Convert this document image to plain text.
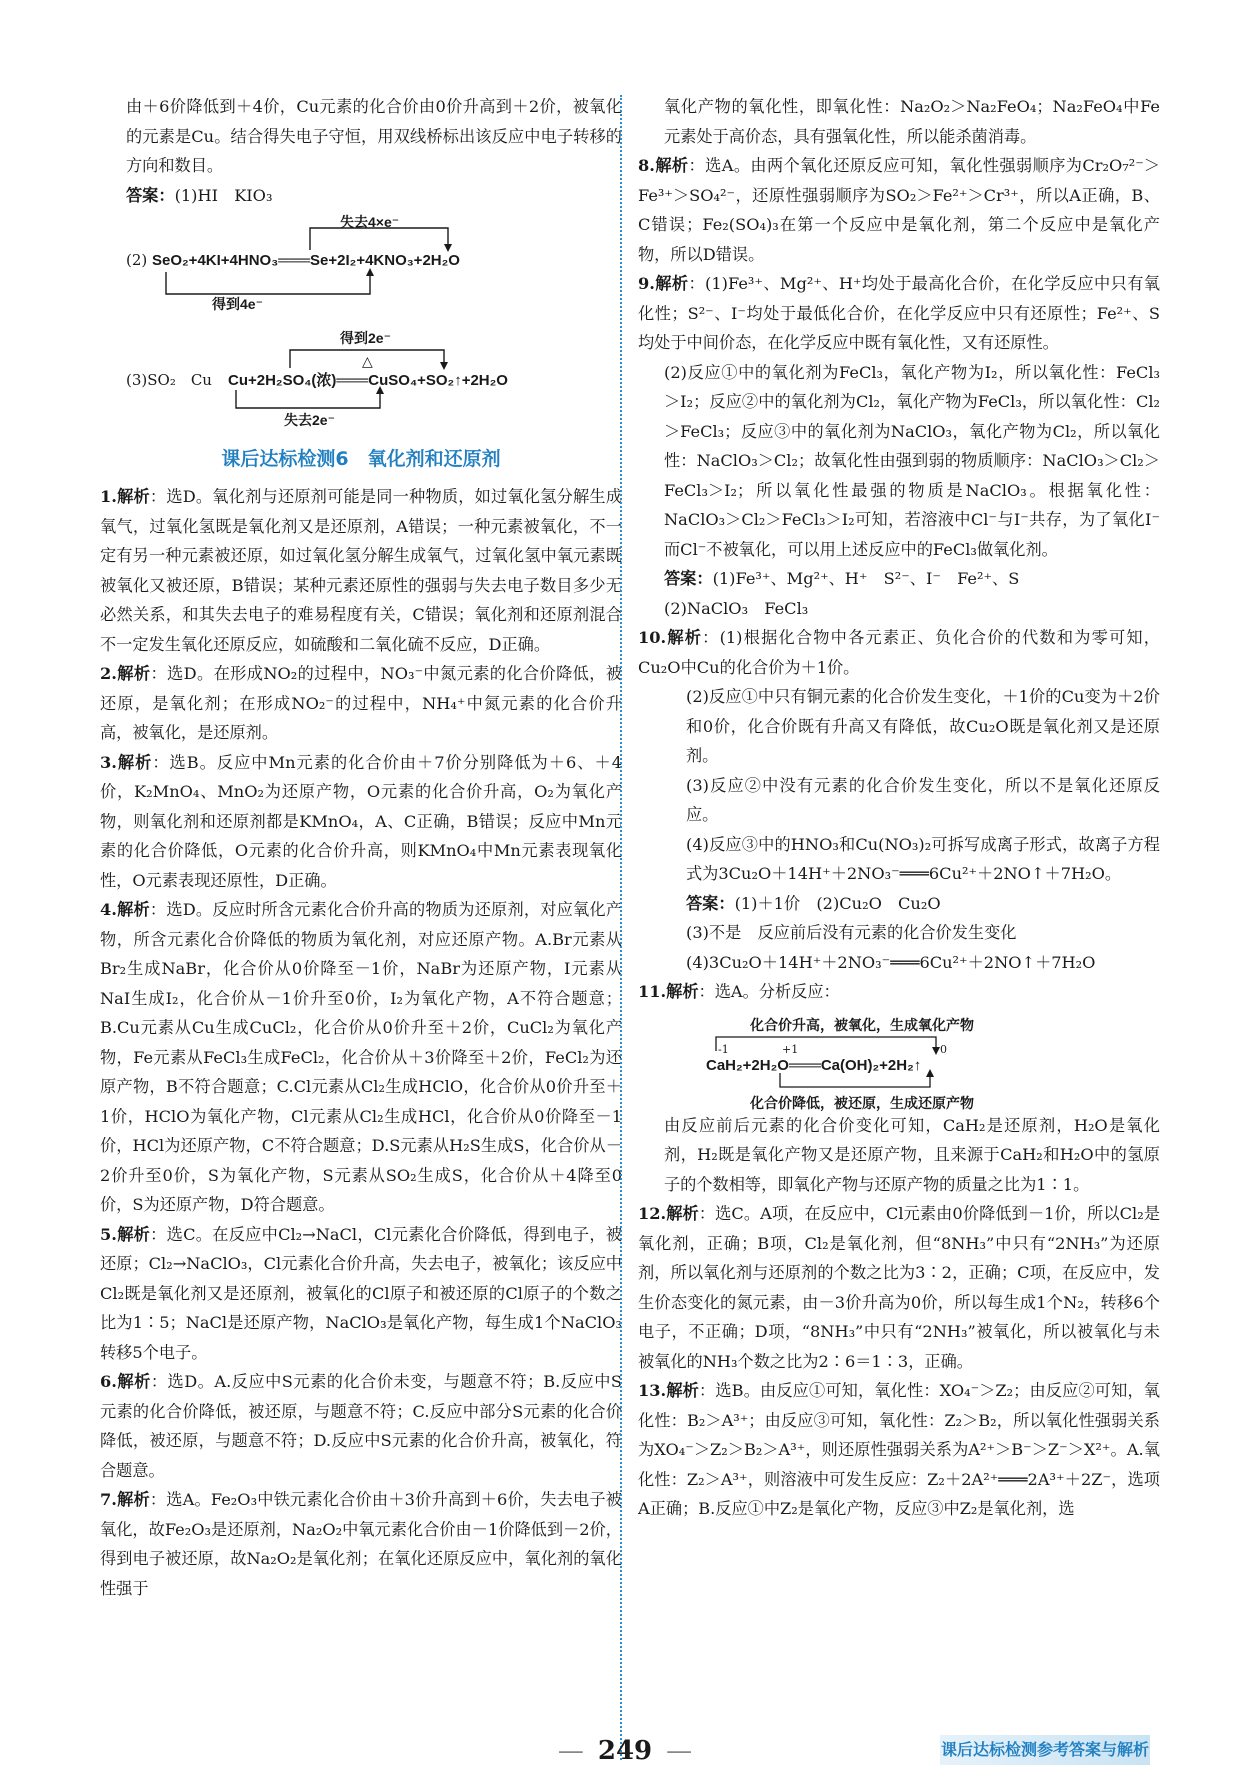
由＋6价降低到＋4价，Cu元素的化合价由0价升高到＋2价，被氧化的元素是Cu。结合得失电子守恒，用双线桥标出该反应中电子转移的方向和数目。

答案：(1)HI　KIO₃

失去4×e⁻
(2) SeO₂+4KI+4HNO₃═══Se+2I₂+4KNO₃+2H₂O
得到4e⁻
得到2e⁻
(3)SO₂　Cu
△
Cu+2H₂SO₄(浓)═══CuSO₄+SO₂↑+2H₂O
失去2e⁻
课后达标检测6　氧化剂和还原剂

1.解析：选D。氧化剂与还原剂可能是同一种物质，如过氧化氢分解生成氧气，过氧化氢既是氧化剂又是还原剂，A错误；一种元素被氧化，不一定有另一种元素被还原，如过氧化氢分解生成氧气，过氧化氢中氧元素既被氧化又被还原，B错误；某种元素还原性的强弱与失去电子数目多少无必然关系，和其失去电子的难易程度有关，C错误；氧化剂和还原剂混合不一定发生氧化还原反应，如硫酸和二氧化硫不反应，D正确。

2.解析：选D。在形成NO₂的过程中，NO₃⁻中氮元素的化合价降低，被还原，是氧化剂；在形成NO₂⁻的过程中，NH₄⁺中氮元素的化合价升高，被氧化，是还原剂。

3.解析：选B。反应中Mn元素的化合价由＋7价分别降低为＋6、＋4价，K₂MnO₄、MnO₂为还原产物，O元素的化合价升高，O₂为氧化产物，则氧化剂和还原剂都是KMnO₄，A、C正确，B错误；反应中Mn元素的化合价降低，O元素的化合价升高，则KMnO₄中Mn元素表现氧化性，O元素表现还原性，D正确。

4.解析：选D。反应时所含元素化合价升高的物质为还原剂，对应氧化产物，所含元素化合价降低的物质为氧化剂，对应还原产物。A.Br元素从Br₂生成NaBr，化合价从0价降至－1价，NaBr为还原产物，I元素从NaI生成I₂，化合价从－1价升至0价，I₂为氧化产物，A不符合题意；B.Cu元素从Cu生成CuCl₂，化合价从0价升至＋2价，CuCl₂为氧化产物，Fe元素从FeCl₃生成FeCl₂，化合价从＋3价降至＋2价，FeCl₂为还原产物，B不符合题意；C.Cl元素从Cl₂生成HClO，化合价从0价升至＋1价，HClO为氧化产物，Cl元素从Cl₂生成HCl，化合价从0价降至－1价，HCl为还原产物，C不符合题意；D.S元素从H₂S生成S，化合价从－2价升至0价，S为氧化产物，S元素从SO₂生成S，化合价从＋4降至0价，S为还原产物，D符合题意。

5.解析：选C。在反应中Cl₂→NaCl，Cl元素化合价降低，得到电子，被还原；Cl₂→NaClO₃，Cl元素化合价升高，失去电子，被氧化；该反应中Cl₂既是氧化剂又是还原剂，被氧化的Cl原子和被还原的Cl原子的个数之比为1∶5；NaCl是还原产物，NaClO₃是氧化产物，每生成1个NaClO₃转移5个电子。

6.解析：选D。A.反应中S元素的化合价未变，与题意不符；B.反应中S元素的化合价降低，被还原，与题意不符；C.反应中部分S元素的化合价降低，被还原，与题意不符；D.反应中S元素的化合价升高，被氧化，符合题意。

7.解析：选A。Fe₂O₃中铁元素化合价由＋3价升高到＋6价，失去电子被氧化，故Fe₂O₃是还原剂，Na₂O₂中氧元素化合价由－1价降低到－2价，得到电子被还原，故Na₂O₂是氧化剂；在氧化还原反应中，氧化剂的氧化性强于

氧化产物的氧化性，即氧化性：Na₂O₂＞Na₂FeO₄；Na₂FeO₄中Fe元素处于高价态，具有强氧化性，所以能杀菌消毒。

8.解析：选A。由两个氧化还原反应可知，氧化性强弱顺序为Cr₂O₇²⁻＞Fe³⁺＞SO₄²⁻，还原性强弱顺序为SO₂＞Fe²⁺＞Cr³⁺，所以A正确，B、C错误；Fe₂(SO₄)₃在第一个反应中是氧化剂，第二个反应中是氧化产物，所以D错误。

9.解析：(1)Fe³⁺、Mg²⁺、H⁺均处于最高化合价，在化学反应中只有氧化性；S²⁻、I⁻均处于最低化合价，在化学反应中只有还原性；Fe²⁺、S均处于中间价态，在化学反应中既有氧化性，又有还原性。

(2)反应①中的氧化剂为FeCl₃，氧化产物为I₂，所以氧化性：FeCl₃＞I₂；反应②中的氧化剂为Cl₂，氧化产物为FeCl₃，所以氧化性：Cl₂＞FeCl₃；反应③中的氧化剂为NaClO₃，氧化产物为Cl₂，所以氧化性：NaClO₃＞Cl₂；故氧化性由强到弱的物质顺序：NaClO₃＞Cl₂＞FeCl₃＞I₂；所以氧化性最强的物质是NaClO₃。根据氧化性：NaClO₃＞Cl₂＞FeCl₃＞I₂可知，若溶液中Cl⁻与I⁻共存，为了氧化I⁻而Cl⁻不被氧化，可以用上述反应中的FeCl₃做氧化剂。

答案：(1)Fe³⁺、Mg²⁺、H⁺　S²⁻、I⁻　Fe²⁺、S

(2)NaClO₃　FeCl₃

10.解析：(1)根据化合物中各元素正、负化合价的代数和为零可知，Cu₂O中Cu的化合价为＋1价。

(2)反应①中只有铜元素的化合价发生变化，＋1价的Cu变为＋2价和0价，化合价既有升高又有降低，故Cu₂O既是氧化剂又是还原剂。

(3)反应②中没有元素的化合价发生变化，所以不是氧化还原反应。

(4)反应③中的HNO₃和Cu(NO₃)₂可拆写成离子形式，故离子方程式为3Cu₂O＋14H⁺＋2NO₃⁻═══6Cu²⁺＋2NO↑＋7H₂O。

答案：(1)＋1价　(2)Cu₂O　Cu₂O

(3)不是　反应前后没有元素的化合价发生变化

(4)3Cu₂O＋14H⁺＋2NO₃⁻═══6Cu²⁺＋2NO↑＋7H₂O

11.解析：选A。分析反应：

化合价升高，被氧化，生成氧化产物
-1	+1	0
CaH₂+2H₂O═══Ca(OH)₂+2H₂↑
化合价降低，被还原，生成还原产物

由反应前后元素的化合价变化可知，CaH₂是还原剂，H₂O是氧化剂，H₂既是氧化产物又是还原产物，且来源于CaH₂和H₂O中的氢原子的个数相等，即氧化产物与还原产物的质量之比为1∶1。

12.解析：选C。A项，在反应中，Cl元素由0价降低到－1价，所以Cl₂是氧化剂，正确；B项，Cl₂是氧化剂，但“8NH₃”中只有“2NH₃”为还原剂，所以氧化剂与还原剂的个数之比为3∶2，正确；C项，在反应中，发生价态变化的氮元素，由－3价升高为0价，所以每生成1个N₂，转移6个电子，不正确；D项，“8NH₃”中只有“2NH₃”被氧化，所以被氧化与未被氧化的NH₃个数之比为2∶6＝1∶3，正确。

13.解析：选B。由反应①可知，氧化性：XO₄⁻＞Z₂；由反应②可知，氧化性：B₂＞A³⁺；由反应③可知，氧化性：Z₂＞B₂，所以氧化性强弱关系为XO₄⁻＞Z₂＞B₂＞A³⁺，则还原性强弱关系为A²⁺＞B⁻＞Z⁻＞X²⁺。A.氧化性：Z₂＞A³⁺，则溶液中可发生反应：Z₂＋2A²⁺═══2A³⁺＋2Z⁻，选项A正确；B.反应①中Z₂是氧化产物，反应③中Z₂是氧化剂，选

— 249 —	课后达标检测参考答案与解析
